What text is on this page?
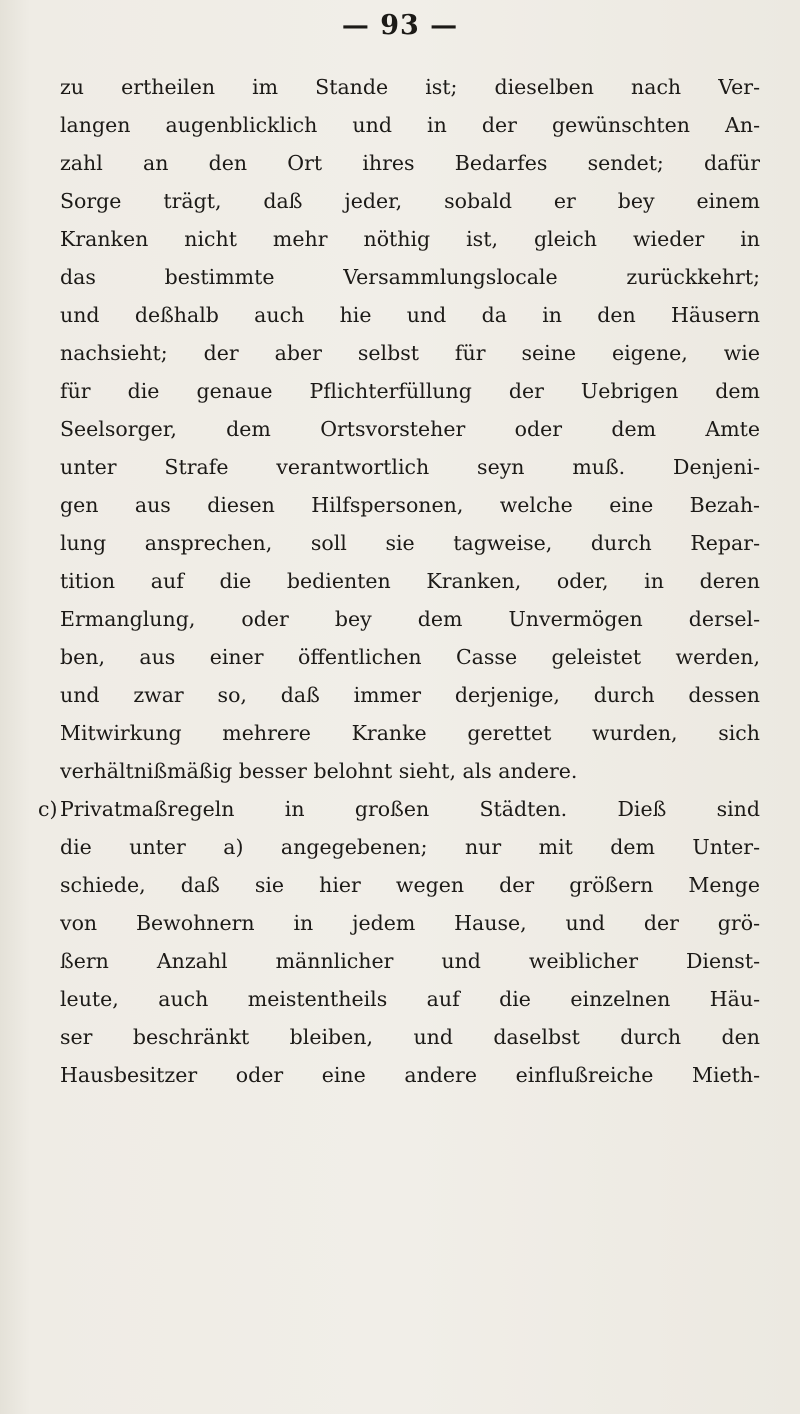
— 93 —
zu ertheilen im Stande ist; dieselben nach Ver-
langen augenblicklich und in der gewünschten An-
zahl an den Ort ihres Bedarfes sendet; dafür
Sorge trägt, daß jeder, sobald er bey einem
Kranken nicht mehr nöthig ist, gleich wieder in
das bestimmte Versammlungslocale zurückkehrt;
und deßhalb auch hie und da in den Häusern
nachsieht; der aber selbst für seine eigene, wie
für die genaue Pflichterfüllung der Uebrigen dem
Seelsorger, dem Ortsvorsteher oder dem Amte
unter Strafe verantwortlich seyn muß. Denjeni-
gen aus diesen Hilfspersonen, welche eine Bezah-
lung ansprechen, soll sie tagweise, durch Repar-
tition auf die bedienten Kranken, oder, in deren
Ermanglung, oder bey dem Unvermögen dersel-
ben, aus einer öffentlichen Casse geleistet werden,
und zwar so, daß immer derjenige, durch dessen
Mitwirkung mehrere Kranke gerettet wurden, sich
verhältnißmäßig besser belohnt sieht, als andere.
c) Privatmaßregeln in großen Städten. Dieß sind
die unter a) angegebenen; nur mit dem Unter-
schiede, daß sie hier wegen der größern Menge
von Bewohnern in jedem Hause, und der grö-
ßern Anzahl männlicher und weiblicher Dienst-
leute, auch meistentheils auf die einzelnen Häu-
ser beschränkt bleiben, und daselbst durch den
Hausbesitzer oder eine andere einflußreiche Mieth-
